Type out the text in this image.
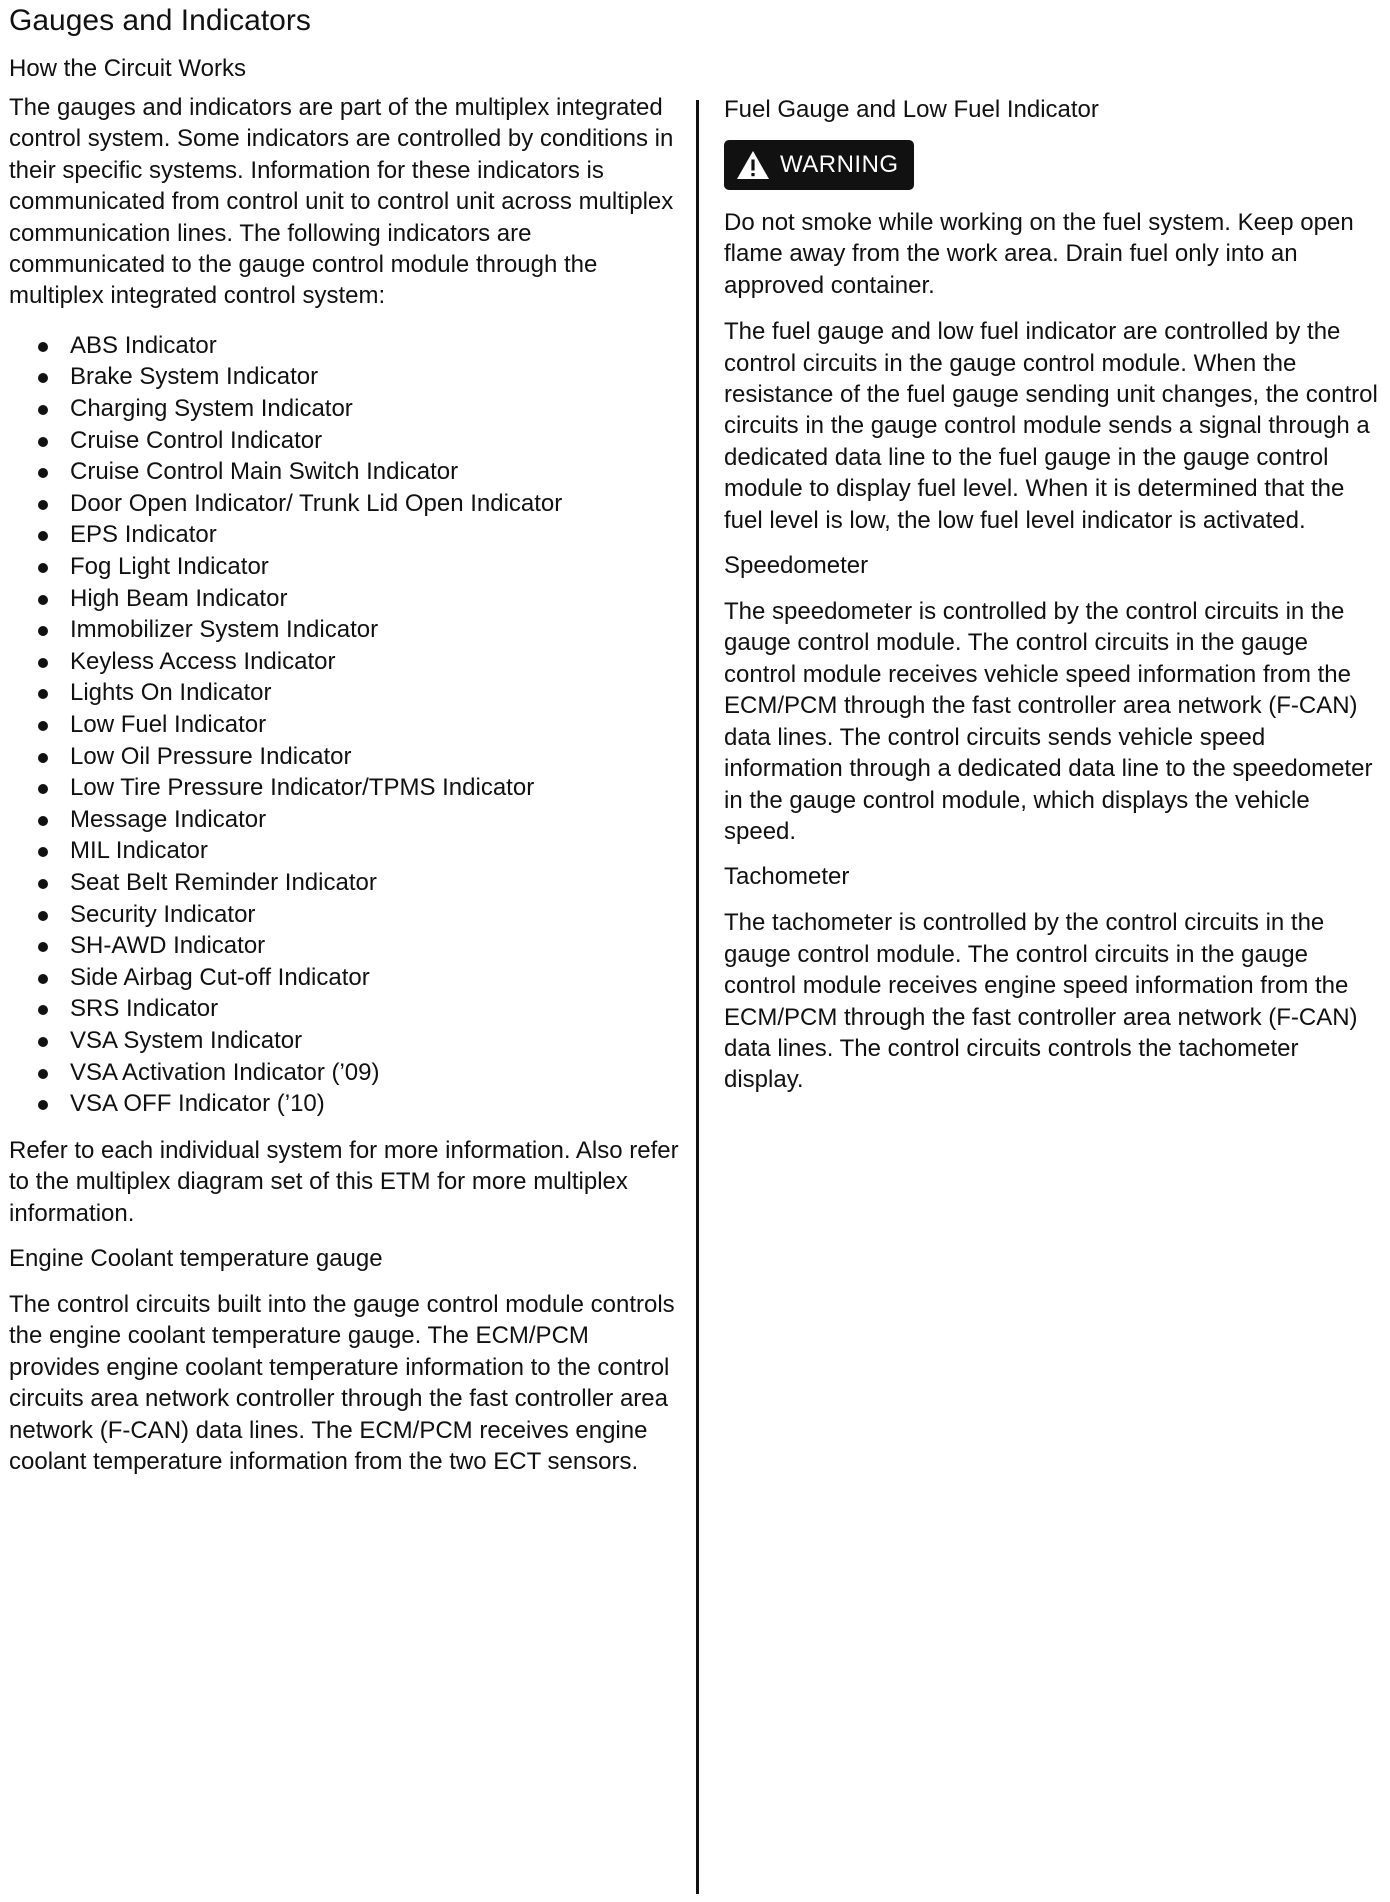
Gauges and Indicators
How the Circuit Works

The gauges and indicators are part of the multiplex integrated control system. Some indicators are controlled by conditions in their specific systems. Information for these indicators is communicated from control unit to control unit across multiplex communication lines. The following indicators are communicated to the gauge control module through the multiplex integrated control system:

ABS Indicator
Brake System Indicator
Charging System Indicator
Cruise Control Indicator
Cruise Control Main Switch Indicator
Door Open Indicator/ Trunk Lid Open Indicator
EPS Indicator
Fog Light Indicator
High Beam Indicator
Immobilizer System Indicator
Keyless Access Indicator
Lights On Indicator
Low Fuel Indicator
Low Oil Pressure Indicator
Low Tire Pressure Indicator/TPMS Indicator
Message Indicator
MIL Indicator
Seat Belt Reminder Indicator
Security Indicator
SH-AWD Indicator
Side Airbag Cut-off Indicator
SRS Indicator
VSA System Indicator
VSA Activation Indicator (’09)
VSA OFF Indicator (’10)

Refer to each individual system for more information. Also refer to the multiplex diagram set of this ETM for more multiplex information.

Engine Coolant temperature gauge

The control circuits built into the gauge control module controls the engine coolant temperature gauge. The ECM/PCM provides engine coolant temperature information to the control circuits area network controller through the fast controller area network (F-CAN) data lines. The ECM/PCM receives engine coolant temperature information from the two ECT sensors.

Fuel Gauge and Low Fuel Indicator
WARNING

Do not smoke while working on the fuel system. Keep open flame away from the work area. Drain fuel only into an approved container.

The fuel gauge and low fuel indicator are controlled by the control circuits in the gauge control module. When the resistance of the fuel gauge sending unit changes, the control circuits in the gauge control module sends a signal through a dedicated data line to the fuel gauge in the gauge control module to display fuel level. When it is determined that the fuel level is low, the low fuel level indicator is activated.

Speedometer

The speedometer is controlled by the control circuits in the gauge control module. The control circuits in the gauge control module receives vehicle speed information from the ECM/PCM through the fast controller area network (F-CAN) data lines. The control circuits sends vehicle speed information through a dedicated data line to the speedometer in the gauge control module, which displays the vehicle speed.

Tachometer

The tachometer is controlled by the control circuits in the gauge control module. The control circuits in the gauge control module receives engine speed information from the ECM/PCM through the fast controller area network (F-CAN) data lines. The control circuits controls the tachometer display.
